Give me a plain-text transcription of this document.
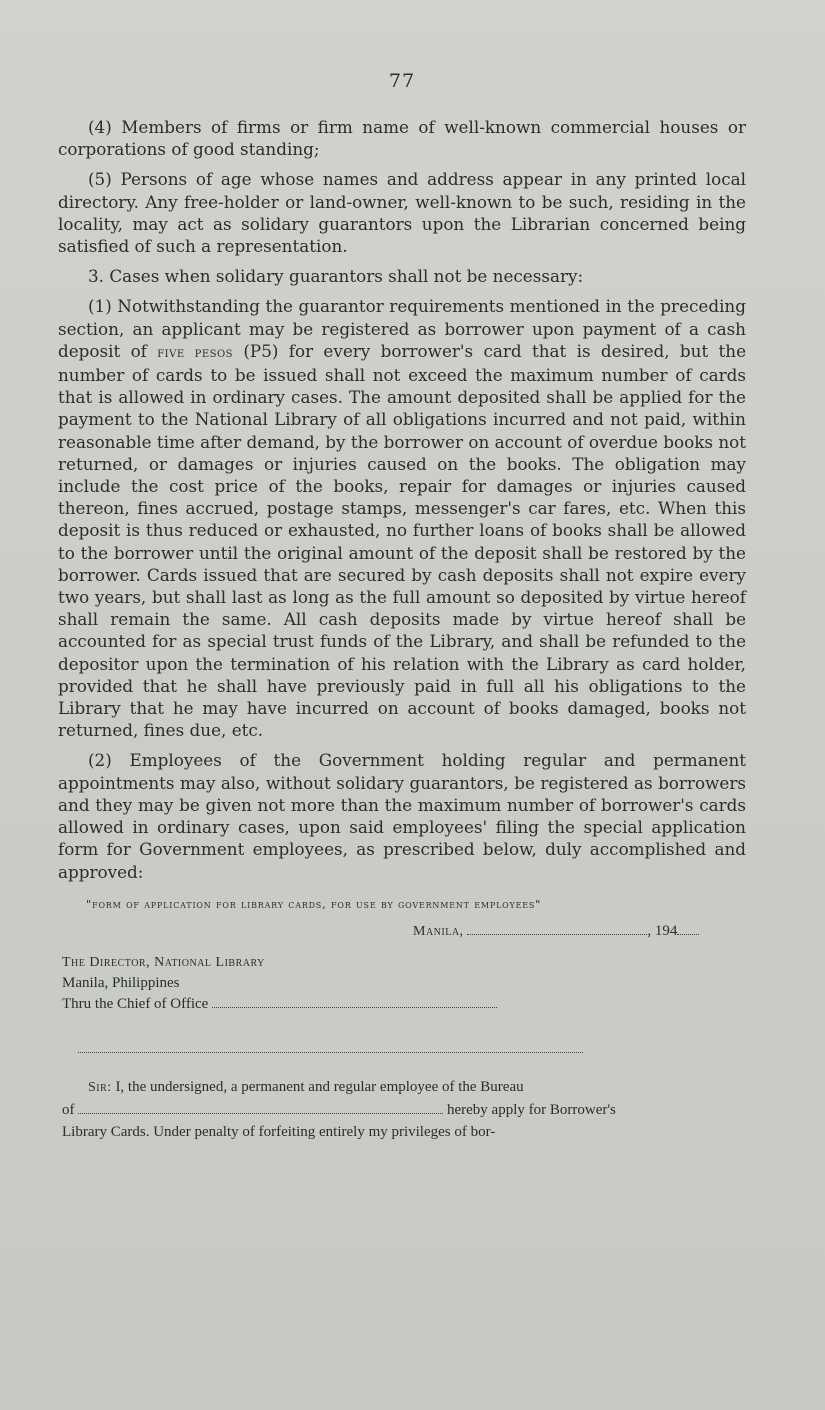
77

(4) Members of firms or firm name of well-known commercial houses or corporations of good standing;

(5) Persons of age whose names and address appear in any printed local directory. Any free-holder or land-owner, well-known to be such, residing in the locality, may act as solidary guarantors upon the Librarian concerned being satisfied of such a representation.

3. Cases when solidary guarantors shall not be necessary:

(1) Notwithstanding the guarantor requirements mentioned in the preceding section, an applicant may be registered as borrower upon payment of a cash deposit of five pesos (P5) for every borrower's card that is desired, but the number of cards to be issued shall not exceed the maximum number of cards that is allowed in ordinary cases. The amount deposited shall be applied for the payment to the National Library of all obligations incurred and not paid, within reasonable time after demand, by the borrower on account of overdue books not returned, or damages or injuries caused on the books. The obligation may include the cost price of the books, repair for damages or injuries caused thereon, fines accrued, postage stamps, messenger's car fares, etc. When this deposit is thus reduced or exhausted, no further loans of books shall be allowed to the borrower until the original amount of the deposit shall be restored by the borrower. Cards issued that are secured by cash deposits shall not expire every two years, but shall last as long as the full amount so deposited by virtue hereof shall remain the same. All cash deposits made by virtue hereof shall be accounted for as special trust funds of the Library, and shall be refunded to the depositor upon the termination of his relation with the Library as card holder, provided that he shall have previously paid in full all his obligations to the Library that he may have incurred on account of books damaged, books not returned, fines due, etc.

(2) Employees of the Government holding regular and permanent appointments may also, without solidary guarantors, be registered as borrowers and they may be given not more than the maximum number of borrower's cards allowed in ordinary cases, upon said employees' filing the special application form for Government employees, as prescribed below, duly accomplished and approved:

"form of application for library cards, for use by government employees"
Manila,	, 194
The Director, National Library
Manila, Philippines
Thru the Chief of Office
Sir: I, the undersigned, a permanent and regular employee of the Bureau
of	hereby apply for Borrower's
Library Cards. Under penalty of forfeiting entirely my privileges of bor-
